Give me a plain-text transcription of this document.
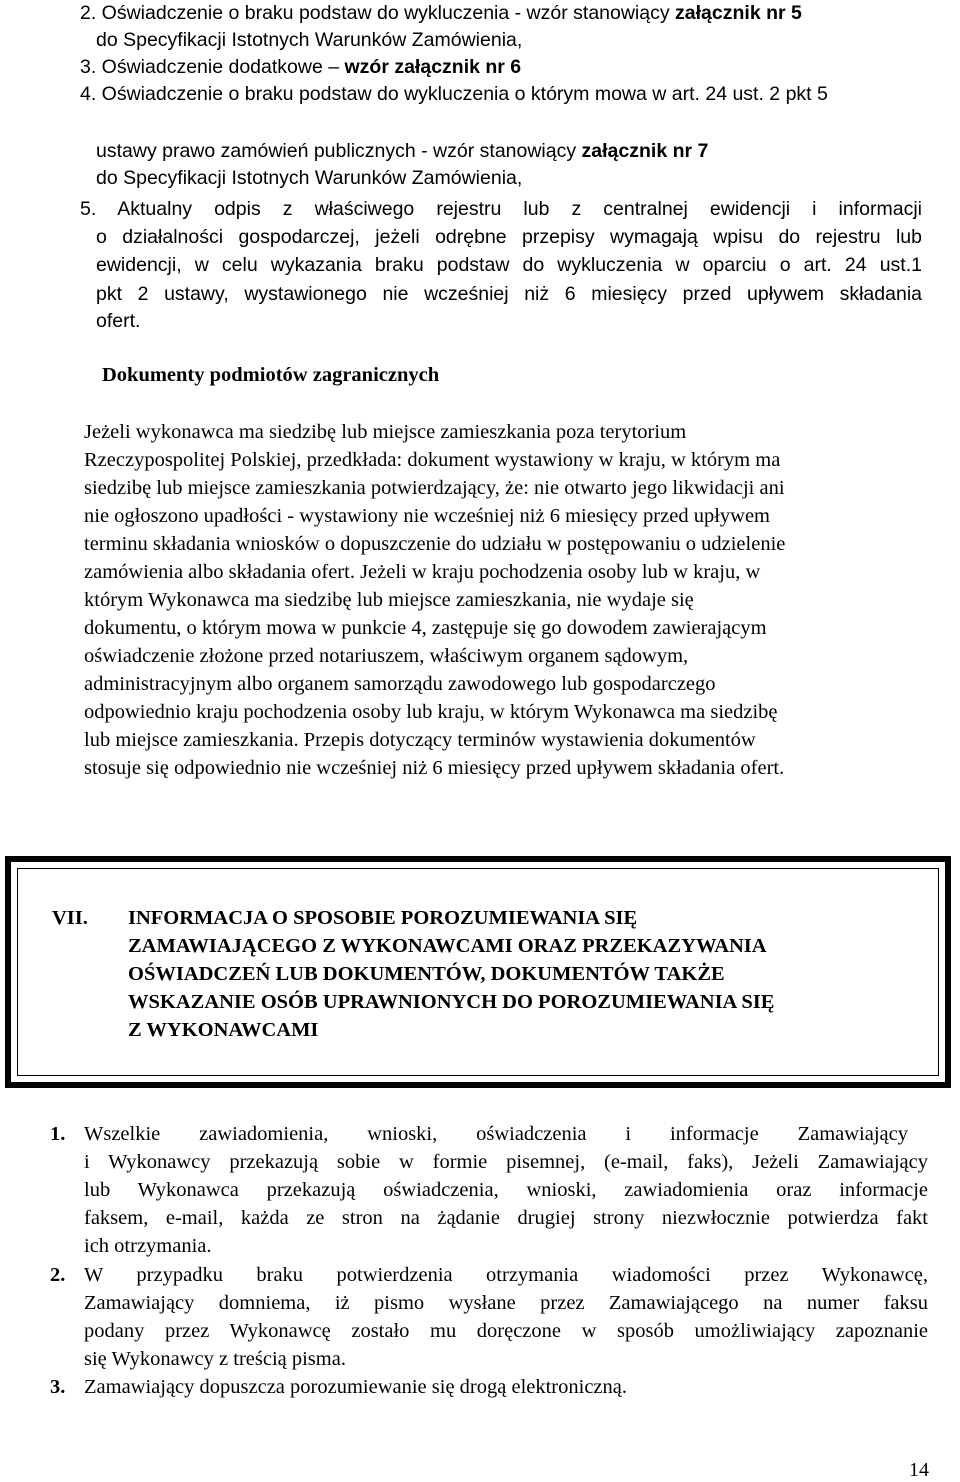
2. Oświadczenie o braku podstaw do wykluczenia - wzór stanowiący załącznik nr 5
do Specyfikacji Istotnych Warunków Zamówienia,
3. Oświadczenie dodatkowe – wzór załącznik nr 6
4. Oświadczenie o braku podstaw do wykluczenia o którym mowa w art. 24 ust. 2 pkt 5
ustawy prawo zamówień publicznych - wzór stanowiący załącznik nr 7
do Specyfikacji Istotnych Warunków Zamówienia,
5. Aktualny odpis z właściwego rejestru lub z centralnej ewidencji i informacji
o działalności gospodarczej, jeżeli odrębne przepisy wymagają wpisu do rejestru lub
ewidencji, w celu wykazania braku podstaw do wykluczenia w oparciu o art. 24 ust.1
pkt 2 ustawy, wystawionego nie wcześniej niż 6 miesięcy przed upływem składania
ofert.
Dokumenty podmiotów zagranicznych
Jeżeli wykonawca ma siedzibę lub miejsce zamieszkania poza terytorium
Rzeczypospolitej Polskiej, przedkłada: dokument wystawiony w kraju, w którym ma
siedzibę lub miejsce zamieszkania potwierdzający, że: nie otwarto jego likwidacji ani
nie ogłoszono upadłości - wystawiony nie wcześniej niż 6 miesięcy przed upływem
terminu składania wniosków o dopuszczenie do udziału w postępowaniu o udzielenie
zamówienia albo składania ofert. Jeżeli w kraju pochodzenia osoby lub w kraju, w
którym Wykonawca ma siedzibę lub miejsce zamieszkania, nie wydaje się
dokumentu, o którym mowa w punkcie 4, zastępuje się go dowodem zawierającym
oświadczenie złożone przed notariuszem, właściwym organem sądowym,
administracyjnym albo organem samorządu zawodowego lub gospodarczego
odpowiednio kraju pochodzenia osoby lub kraju, w którym Wykonawca ma siedzibę
lub miejsce zamieszkania. Przepis dotyczący terminów wystawienia dokumentów
stosuje się odpowiednio nie wcześniej niż 6 miesięcy przed upływem składania ofert.
VII. INFORMACJA O SPOSOBIE POROZUMIEWANIA SIĘ
ZAMAWIAJĄCEGO Z WYKONAWCAMI ORAZ PRZEKAZYWANIA
OŚWIADCZEŃ LUB DOKUMENTÓW, DOKUMENTÓW TAKŻE
WSKAZANIE OSÓB UPRAWNIONYCH DO POROZUMIEWANIA SIĘ
Z WYKONAWCAMI
1. Wszelkie zawiadomienia, wnioski, oświadczenia i informacje Zamawiający
i Wykonawcy przekazują sobie w formie pisemnej, (e-mail, faks), Jeżeli Zamawiający
lub Wykonawca przekazują oświadczenia, wnioski, zawiadomienia oraz informacje
faksem, e-mail, każda ze stron na żądanie drugiej strony niezwłocznie potwierdza fakt
ich otrzymania.
2. W przypadku braku potwierdzenia otrzymania wiadomości przez Wykonawcę,
Zamawiający domniema, iż pismo wysłane przez Zamawiającego na numer faksu
podany przez Wykonawcę zostało mu doręczone w sposób umożliwiający zapoznanie
się Wykonawcy z treścią pisma.
3. Zamawiający dopuszcza porozumiewanie się drogą elektroniczną.
14
